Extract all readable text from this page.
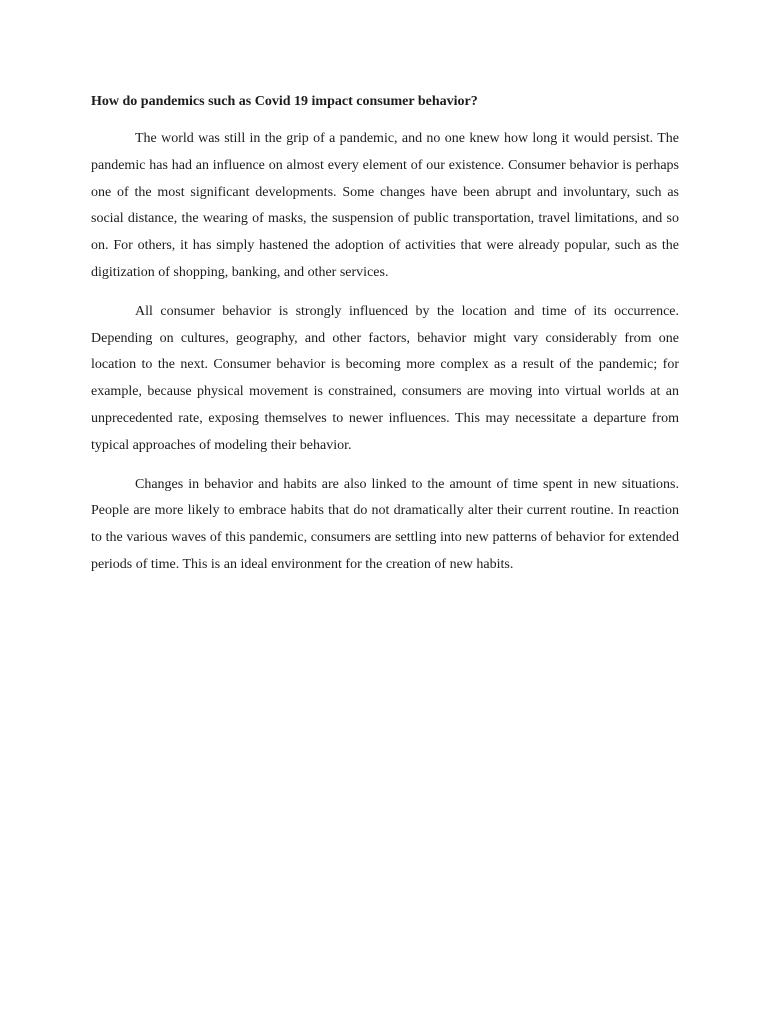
How do pandemics such as Covid 19 impact consumer behavior?

The world was still in the grip of a pandemic, and no one knew how long it would persist. The pandemic has had an influence on almost every element of our existence. Consumer behavior is perhaps one of the most significant developments. Some changes have been abrupt and involuntary, such as social distance, the wearing of masks, the suspension of public transportation, travel limitations, and so on. For others, it has simply hastened the adoption of activities that were already popular, such as the digitization of shopping, banking, and other services.

All consumer behavior is strongly influenced by the location and time of its occurrence. Depending on cultures, geography, and other factors, behavior might vary considerably from one location to the next. Consumer behavior is becoming more complex as a result of the pandemic; for example, because physical movement is constrained, consumers are moving into virtual worlds at an unprecedented rate, exposing themselves to newer influences. This may necessitate a departure from typical approaches of modeling their behavior.

Changes in behavior and habits are also linked to the amount of time spent in new situations. People are more likely to embrace habits that do not dramatically alter their current routine. In reaction to the various waves of this pandemic, consumers are settling into new patterns of behavior for extended periods of time. This is an ideal environment for the creation of new habits.
